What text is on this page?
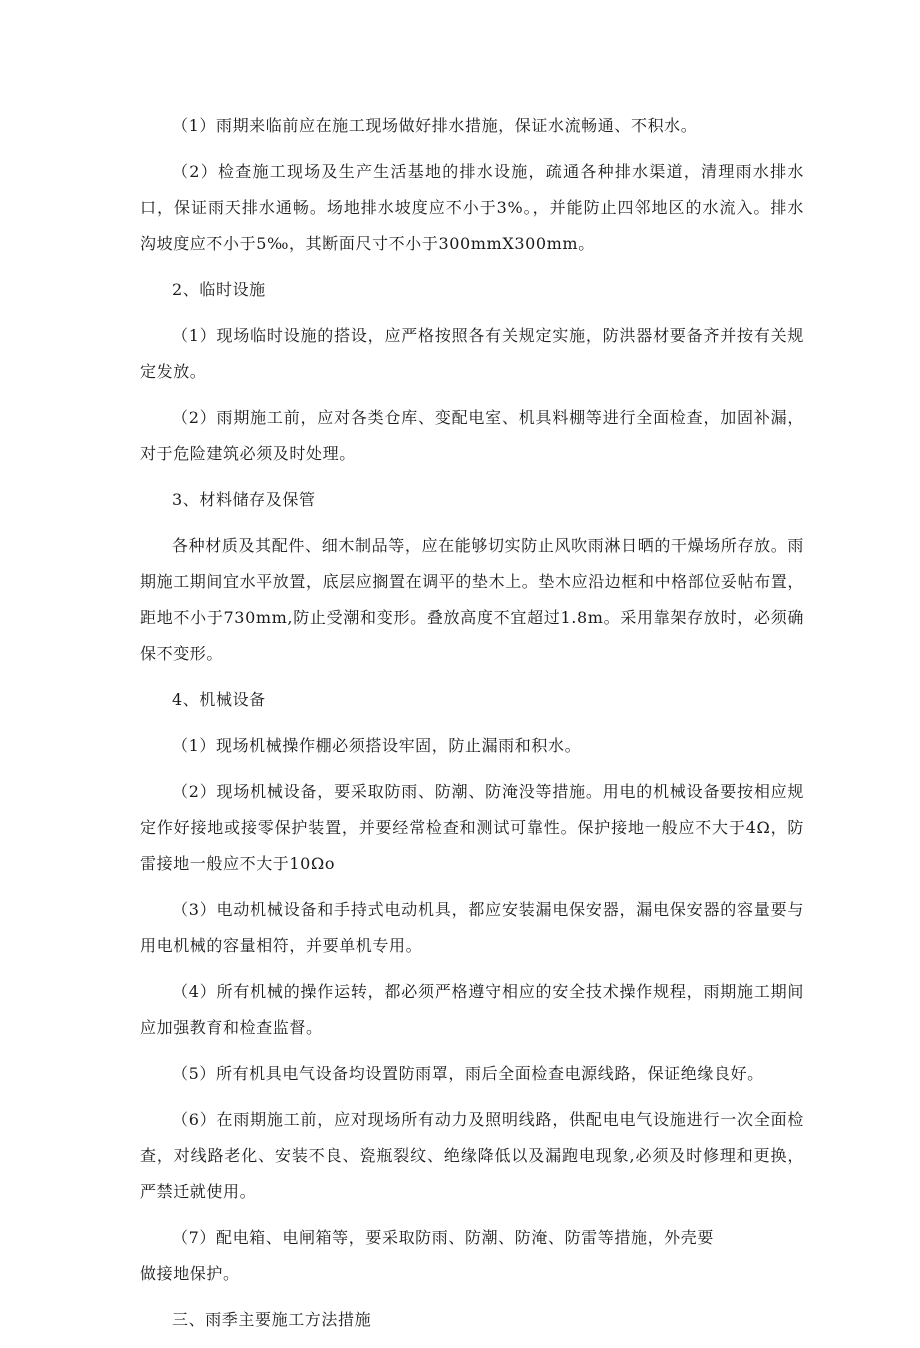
（1）雨期来临前应在施工现场做好排水措施，保证水流畅通、不积水。

（2）检查施工现场及生产生活基地的排水设施，疏通各种排水渠道，清理雨水排水口，保证雨天排水通畅。场地排水坡度应不小于3%。，并能防止四邻地区的水流入。排水沟坡度应不小于5‰，其断面尺寸不小于300mmX300mm。

2、临时设施

（1）现场临时设施的搭设，应严格按照各有关规定实施，防洪器材要备齐并按有关规定发放。

（2）雨期施工前，应对各类仓库、变配电室、机具料棚等进行全面检查，加固补漏，对于危险建筑必须及时处理。

3、材料储存及保管

各种材质及其配件、细木制品等，应在能够切实防止风吹雨淋日晒的干燥场所存放。雨期施工期间宜水平放置，底层应搁置在调平的垫木上。垫木应沿边框和中格部位妥帖布置，距地不小于730mm,防止受潮和变形。叠放高度不宜超过1.8m。采用靠架存放时，必须确保不变形。

4、机械设备

（1）现场机械操作棚必须搭设牢固，防止漏雨和积水。

（2）现场机械设备，要采取防雨、防潮、防淹没等措施。用电的机械设备要按相应规定作好接地或接零保护装置，并要经常检查和测试可靠性。保护接地一般应不大于4Ω，防雷接地一般应不大于10Ωo

（3）电动机械设备和手持式电动机具，都应安装漏电保安器，漏电保安器的容量要与用电机械的容量相符，并要单机专用。

（4）所有机械的操作运转，都必须严格遵守相应的安全技术操作规程，雨期施工期间应加强教育和检查监督。

（5）所有机具电气设备均设置防雨罩，雨后全面检查电源线路，保证绝缘良好。

（6）在雨期施工前，应对现场所有动力及照明线路，供配电电气设施进行一次全面检查，对线路老化、安装不良、瓷瓶裂纹、绝缘降低以及漏跑电现象,必须及时修理和更换，严禁迁就使用。

（7）配电箱、电闸箱等，要采取防雨、防潮、防淹、防雷等措施，外壳要

做接地保护。

三、雨季主要施工方法措施
